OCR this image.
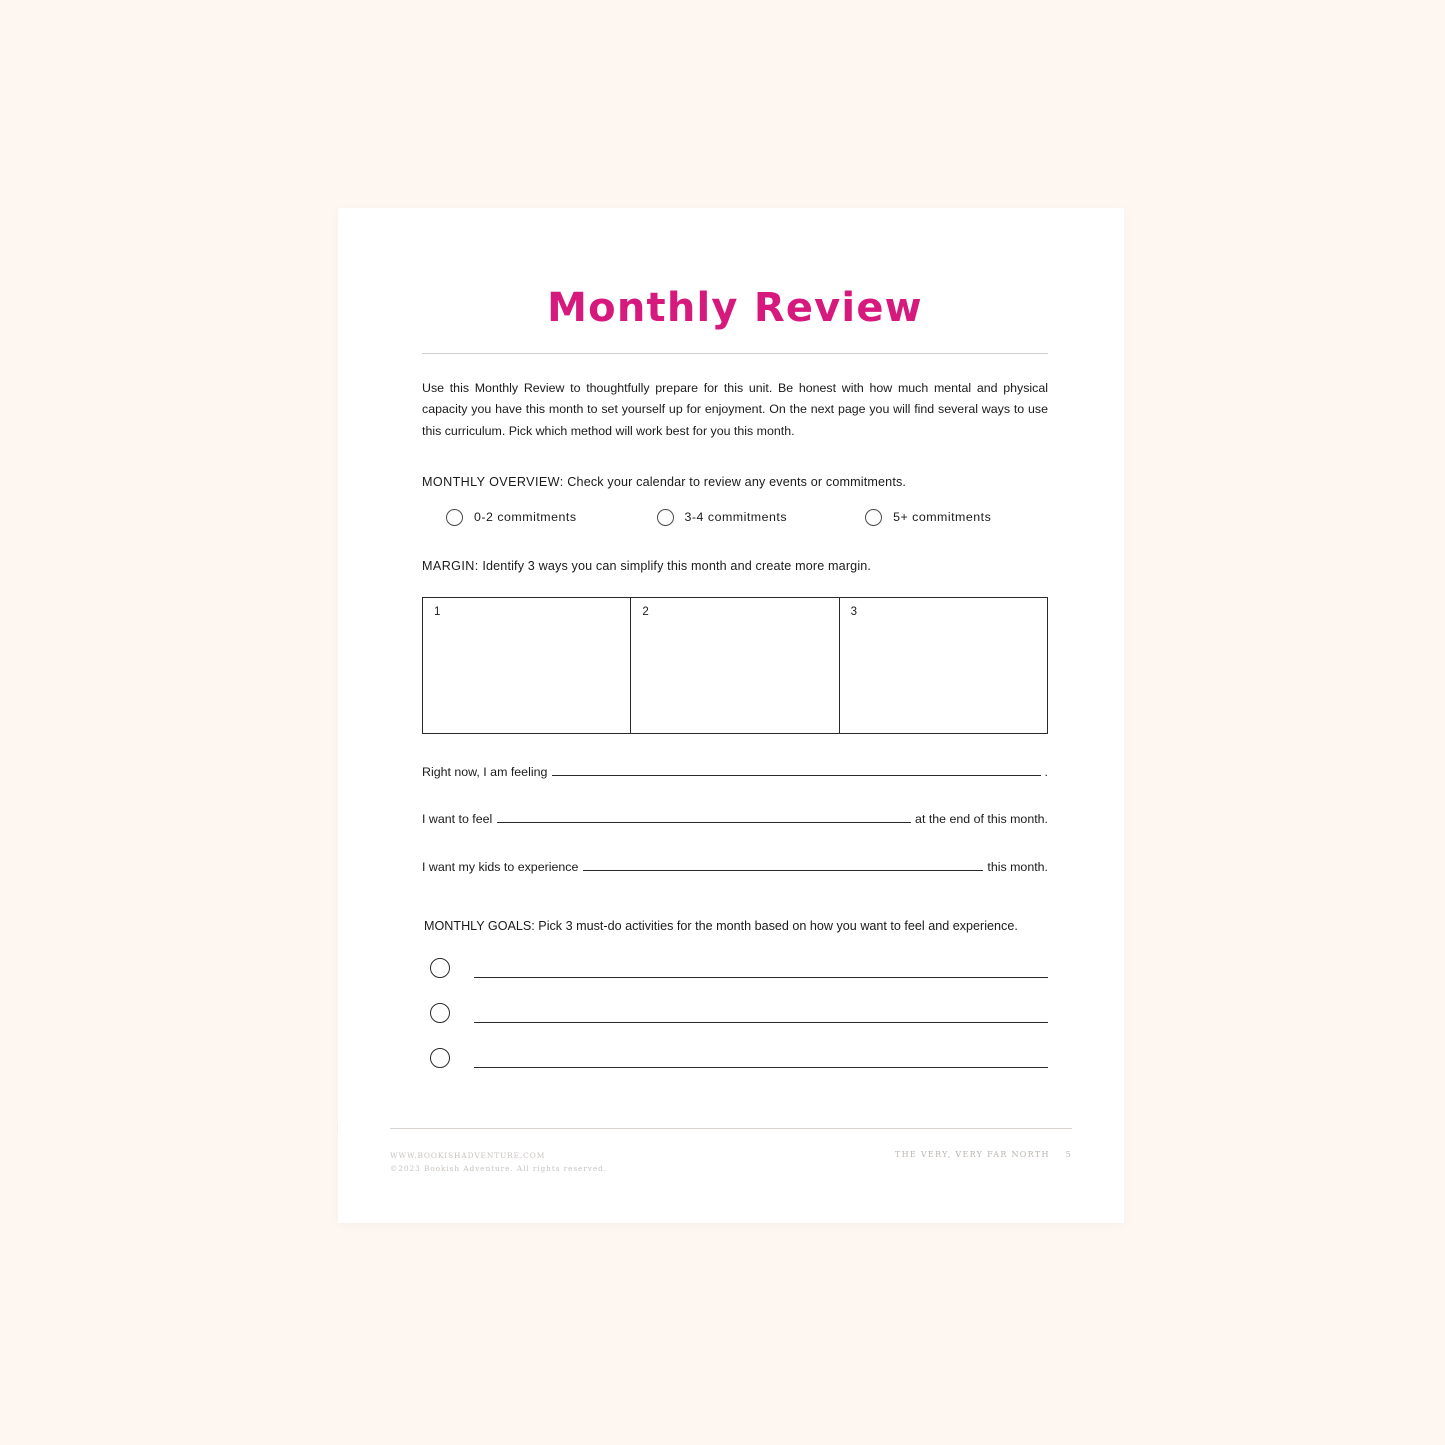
Monthly Review
Use this Monthly Review to thoughtfully prepare for this unit. Be honest with how much mental and physical capacity you have this month to set yourself up for enjoyment. On the next page you will find several ways to use this curriculum. Pick which method will work best for you this month.
MONTHLY OVERVIEW: Check your calendar to review any events or commitments.
0-2 commitments	3-4 commitments	5+ commitments
MARGIN: Identify 3 ways you can simplify this month and create more margin.
1	2	3
Right now, I am feeling	.
I want to feel	at the end of this month.
I want my kids to experience	this month.
MONTHLY GOALS: Pick 3 must-do activities for the month based on how you want to feel and experience.
WWW.BOOKISHADVENTURE.COM
©2023 Bookish Adventure. All rights reserved.
THE VERY, VERY FAR NORTH 5
